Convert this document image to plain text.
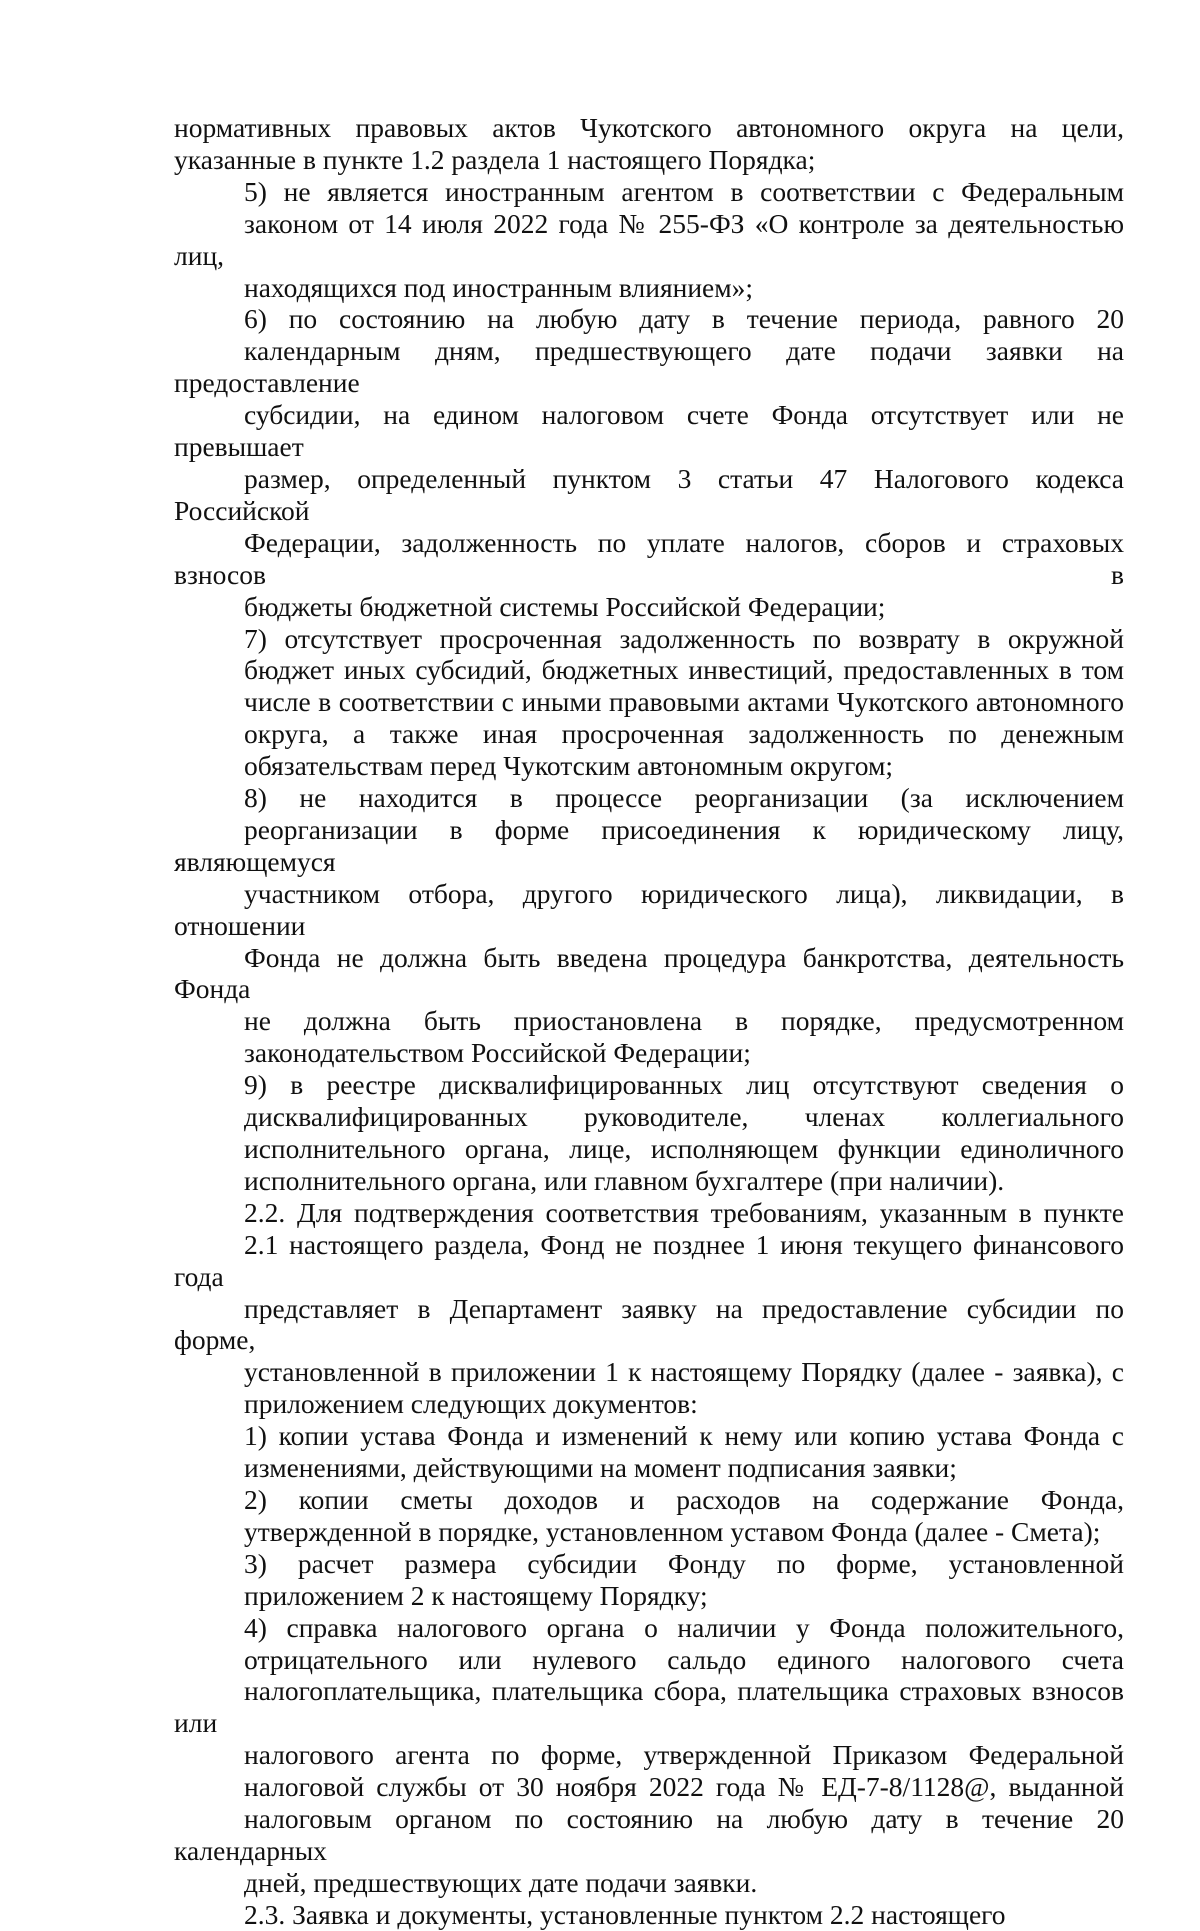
нормативных правовых актов Чукотского автономного округа на цели,
указанные в пункте 1.2 раздела 1 настоящего Порядка;
5) не является иностранным агентом в соответствии с Федеральным
законом от 14 июля 2022 года № 255-ФЗ «О контроле за деятельностью лиц,
находящихся под иностранным влиянием»;
6) по состоянию на любую дату в течение периода, равного 20
календарным дням, предшествующего дате подачи заявки на предоставление
субсидии, на едином налоговом счете Фонда отсутствует или не превышает
размер, определенный пунктом 3 статьи 47 Налогового кодекса Российской
Федерации, задолженность по уплате налогов, сборов и страховых взносов в
бюджеты бюджетной системы Российской Федерации;
7) отсутствует просроченная задолженность по возврату в окружной
бюджет иных субсидий, бюджетных инвестиций, предоставленных в том
числе в соответствии с иными правовыми актами Чукотского автономного
округа, а также иная просроченная задолженность по денежным
обязательствам перед Чукотским автономным округом;
8) не находится в процессе реорганизации (за исключением
реорганизации в форме присоединения к юридическому лицу, являющемуся
участником отбора, другого юридического лица), ликвидации, в отношении
Фонда не должна быть введена процедура банкротства, деятельность Фонда
не должна быть приостановлена в порядке, предусмотренном
законодательством Российской Федерации;
9) в реестре дисквалифицированных лиц отсутствуют сведения о
дисквалифицированных руководителе, членах коллегиального
исполнительного органа, лице, исполняющем функции единоличного
исполнительного органа, или главном бухгалтере (при наличии).
2.2. Для подтверждения соответствия требованиям, указанным в пункте
2.1 настоящего раздела, Фонд не позднее 1 июня текущего финансового года
представляет в Департамент заявку на предоставление субсидии по форме,
установленной в приложении 1 к настоящему Порядку (далее - заявка), с
приложением следующих документов:
1) копии устава Фонда и изменений к нему или копию устава Фонда с
изменениями, действующими на момент подписания заявки;
2) копии сметы доходов и расходов на содержание Фонда,
утвержденной в порядке, установленном уставом Фонда (далее - Смета);
3) расчет размера субсидии Фонду по форме, установленной
приложением 2 к настоящему Порядку;
4) справка налогового органа о наличии у Фонда положительного,
отрицательного или нулевого сальдо единого налогового счета
налогоплательщика, плательщика сбора, плательщика страховых взносов или
налогового агента по форме, утвержденной Приказом Федеральной
налоговой службы от 30 ноября 2022 года № ЕД-7-8/1128@, выданной
налоговым органом по состоянию на любую дату в течение 20 календарных
дней, предшествующих дате подачи заявки.
2.3. Заявка и документы, установленные пунктом 2.2 настоящего
